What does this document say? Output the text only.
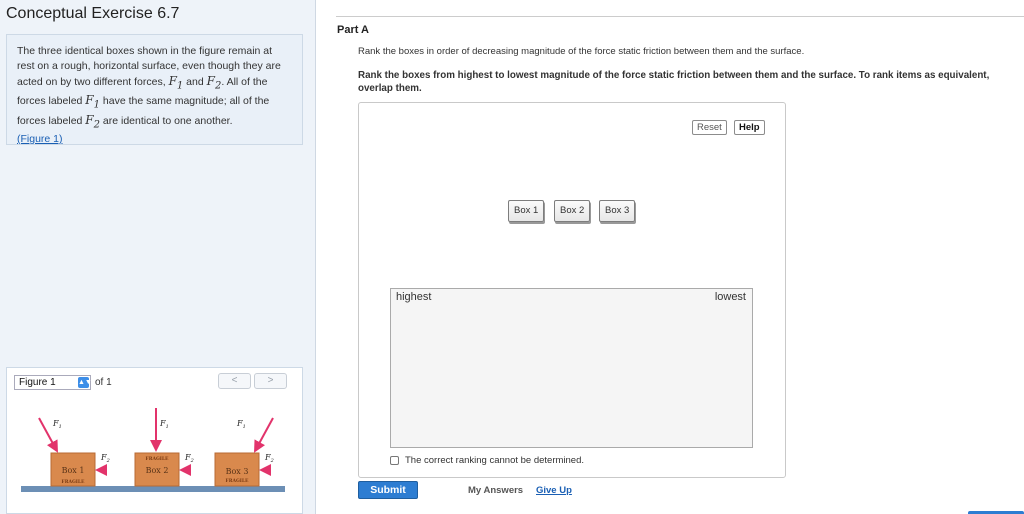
Conceptual Exercise 6.7
The three identical boxes shown in the figure remain at rest on a rough, horizontal surface, even though they are acted on by two different forces, $F_1$ and $F_2$. All of the forces labeled $F_1$ have the same magnitude; all of the forces labeled $F_2$ are identical to one another.
(Figure 1)
Figure 1	▲▼ of 1	<	>
Box 1
FRAGILE
$F_1$
$F_2$	FRAGILE
Box 2
$F_1$
$F_2$
Box 3
FRAGILE
$F_1$
$F_2$
Part A
Rank the boxes in order of decreasing magnitude of the force static friction between them and the surface.
Rank the boxes from highest to lowest magnitude of the force static friction between them and the surface. To rank items as equivalent, overlap them.
Reset	Help
Box 1	Box 2	Box 3
highest	lowest
The correct ranking cannot be determined.
Submit	My Answers Give Up
